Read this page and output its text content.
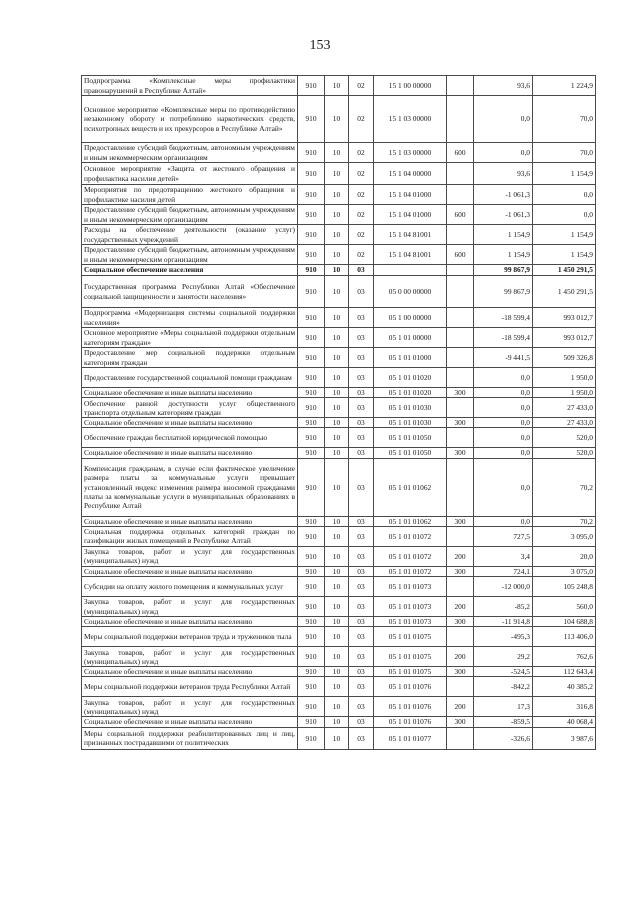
153
Подпрограмма «Комплексные меры профилактики правонарушений в Республике Алтай»	910	10	02	15 1 00 00000		93,6	1 224,9
Основное мероприятие «Комплексные меры по противодействию незаконному обороту и потреблению наркотических средств, психотропных веществ и их прекурсоров в Республике Алтай»	910	10	02	15 1 03 00000		0,0	70,0
Предоставление субсидий бюджетным, автономным учреждениям и иным некоммерческим организациям	910	10	02	15 1 03 00000	600	0,0	70,0
Основное мероприятие «Защита от жестокого обращения и профилактика насилия детей»	910	10	02	15 1 04 00000		93,6	1 154,9
Мероприятия по предотвращению жестокого обращения и профилактике насилия детей	910	10	02	15 1 04 01000		-1 061,3	0,0
Предоставление субсидий бюджетным, автономным учреждениям и иным некоммерческим организациям	910	10	02	15 1 04 01000	600	-1 061,3	0,0
Расходы на обеспечение деятельности (оказание услуг) государственных учреждений	910	10	02	15 1 04 81001		1 154,9	1 154,9
Предоставление субсидий бюджетным, автономным учреждениям и иным некоммерческим организациям	910	10	02	15 1 04 81001	600	1 154,9	1 154,9
Социальное обеспечение населения	910	10	03			99 867,9	1 450 291,5
Государственная программа Республики Алтай «Обеспечение социальной защищенности и занятости населения»	910	10	03	05 0 00 00000		99 867,9	1 450 291,5
Подпрограмма «Модернизация системы социальной поддержки населения»	910	10	03	05 1 00 00000		-18 599,4	993 012,7
Основное мероприятие «Меры социальной поддержки отдельным категориям граждан»	910	10	03	05 1 01 00000		-18 599,4	993 012,7
Предоставление мер социальной поддержки отдельным категориям граждан	910	10	03	05 1 01 01000		-9 441,5	509 326,8
Предоставление государственной социальной помощи гражданам	910	10	03	05 1 01 01020		0,0	1 950,0
Социальное обеспечение и иные выплаты населению	910	10	03	05 1 01 01020	300	0,0	1 950,0
Обеспечение равной доступности услуг общественного транспорта отдельным категориям граждан	910	10	03	05 1 01 01030		0,0	27 433,0
Социальное обеспечение и иные выплаты населению	910	10	03	05 1 01 01030	300	0,0	27 433,0
Обеспечение граждан бесплатной юридической помощью	910	10	03	05 1 01 01050		0,0	520,0
Социальное обеспечение и иные выплаты населению	910	10	03	05 1 01 01050	300	0,0	520,0
Компенсация гражданам, в случае если фактическое увеличение размера платы за коммунальные услуги превышает установленный индекс изменения размера вносимой гражданами платы за коммунальные услуги в муниципальных образованиях в Республике Алтай	910	10	03	05 1 01 01062		0,0	70,2
Социальное обеспечение и иные выплаты населению	910	10	03	05 1 01 01062	300	0,0	70,2
Социальная поддержка отдельных категорий граждан по газификации жилых помещений в Республике Алтай	910	10	03	05 1 01 01072		727,5	3 095,0
Закупка товаров, работ и услуг для государственных (муниципальных) нужд	910	10	03	05 1 01 01072	200	3,4	20,0
Социальное обеспечение и иные выплаты населению	910	10	03	05 1 01 01072	300	724,1	3 075,0
Субсидии на оплату жилого помещения и коммунальных услуг	910	10	03	05 1 01 01073		-12 000,0	105 248,8
Закупка товаров, работ и услуг для государственных (муниципальных) нужд	910	10	03	05 1 01 01073	200	-85,2	560,0
Социальное обеспечение и иные выплаты населению	910	10	03	05 1 01 01073	300	-11 914,8	104 688,8
Меры социальной поддержки ветеранов труда и тружеников тыла	910	10	03	05 1 01 01075		-495,3	113 406,0
Закупка товаров, работ и услуг для государственных (муниципальных) нужд	910	10	03	05 1 01 01075	200	29,2	762,6
Социальное обеспечение и иные выплаты населению	910	10	03	05 1 01 01075	300	-524,5	112 643,4
Меры социальной поддержки ветеранов труда Республики Алтай	910	10	03	05 1 01 01076		-842,2	40 385,2
Закупка товаров, работ и услуг для государственных (муниципальных) нужд	910	10	03	05 1 01 01076	200	17,3	316,8
Социальное обеспечение и иные выплаты населению	910	10	03	05 1 01 01076	300	-859,5	40 068,4
Меры социальной поддержки реабилитированных лиц и лиц, признанных пострадавшими от политических	910	10	03	05 1 01 01077		-326,6	3 987,6
